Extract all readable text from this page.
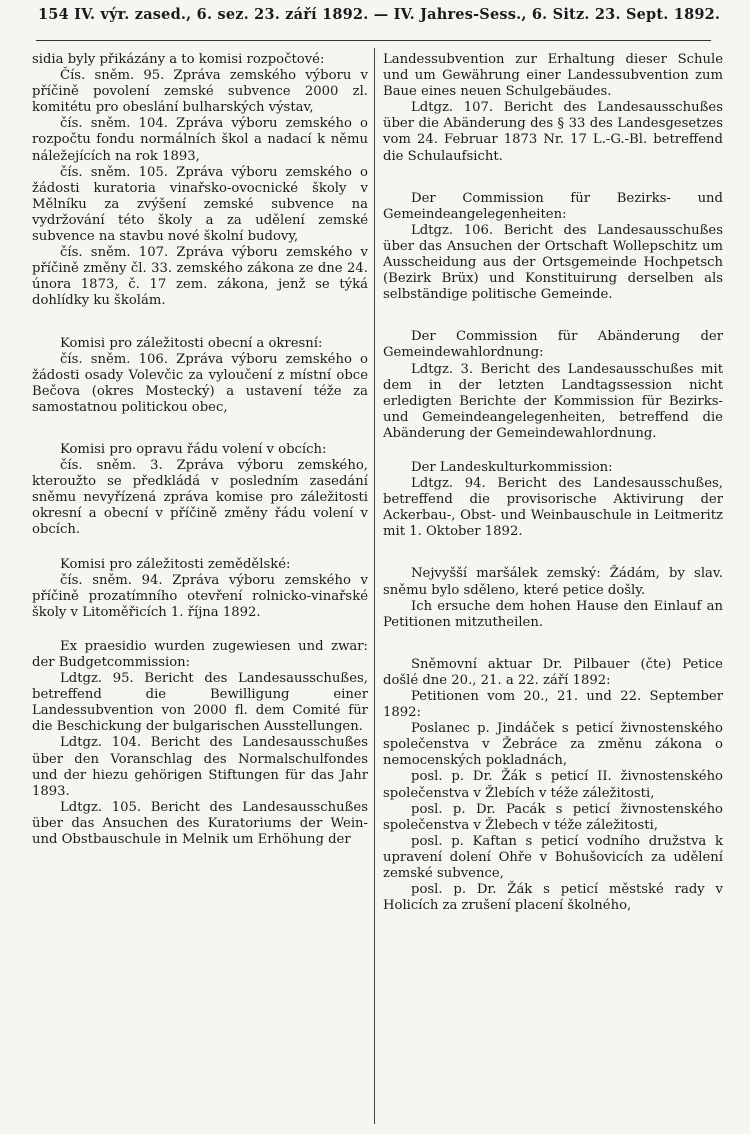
154 IV. výr. zased., 6. sez. 23. září 1892. — IV. Jahres-Sess., 6. Sitz. 23. Sept. 1892.

sidia byly přikázány a to komisi rozpočtové:

Čís. sněm. 95. Zpráva zemského výboru v příčině povolení zemské subvence 2000 zl. komitétu pro obeslání bulharských výstav,

čís. sněm. 104. Zpráva výboru zemského o rozpočtu fondu normálních škol a nadací k němu náležejících na rok 1893,

čís. sněm. 105. Zpráva výboru zemského o žádosti kuratoria vinařsko-ovocnické školy v Mělníku za zvýšení zemské subvence na vydržování této školy a za udělení zemské subvence na stavbu nové školní budovy,

čís. sněm. 107. Zpráva výboru zemského v příčině změny čl. 33. zemského zákona ze dne 24. února 1873, č. 17 zem. zákona, jenž se týká dohlídky ku školám.

Komisi pro záležitosti obecní a okresní:

čís. sněm. 106. Zpráva výboru zemského o žádosti osady Volevčic za vyloučení z místní obce Bečova (okres Mostecký) a ustavení téže za samostatnou politickou obec,

Komisi pro opravu řádu volení v obcích:

čís. sněm. 3. Zpráva výboru zemského, kteroužto se předkládá v posledním zasedání sněmu nevyřízená zpráva komise pro záležitosti okresní a obecní v příčině změny řádu volení v obcích.

Komisi pro záležitosti zemědělské:

čís. sněm. 94. Zpráva výboru zemského v příčině prozatímního otevření rolnicko-vinařské školy v Litoměřicích 1. října 1892.

Ex praesidio wurden zugewiesen und zwar: der Budgetcommission:

Ldtgz. 95. Bericht des Landesausschußes, betreffend die Bewilligung einer Landessubvention von 2000 fl. dem Comité für die Beschickung der bulgarischen Ausstellungen.

Ldtgz. 104. Bericht des Landesausschußes über den Voranschlag des Normalschulfondes und der hiezu gehörigen Stiftungen für das Jahr 1893.

Ldtgz. 105. Bericht des Landesausschußes über das Ansuchen des Kuratoriums der Wein- und Obstbauschule in Melnik um Erhöhung der

Landessubvention zur Erhaltung dieser Schule und um Gewährung einer Landessubvention zum Baue eines neuen Schulgebäudes.

Ldtgz. 107. Bericht des Landesausschußes über die Abänderung des § 33 des Landesgesetzes vom 24. Februar 1873 Nr. 17 L.-G.-Bl. betreffend die Schulaufsicht.

Der Commission für Bezirks- und Gemeindeangelegenheiten:

Ldtgz. 106. Bericht des Landesausschußes über das Ansuchen der Ortschaft Wollepschitz um Ausscheidung aus der Ortsgemeinde Hochpetsch (Bezirk Brüx) und Konstituirung derselben als selbständige politische Gemeinde.

Der Commission für Abänderung der Gemeindewahlordnung:

Ldtgz. 3. Bericht des Landesausschußes mit dem in der letzten Landtagssession nicht erledigten Berichte der Kommission für Bezirks- und Gemeindeangelegenheiten, betreffend die Abänderung der Gemeindewahlordnung.

Der Landeskulturkommission:

Ldtgz. 94. Bericht des Landesausschußes, betreffend die provisorische Aktivirung der Ackerbau-, Obst- und Weinbauschule in Leitmeritz mit 1. Oktober 1892.

Nejvyšší maršálek zemský: Žádám, by slav. sněmu bylo sděleno, které petice došly.

Ich ersuche dem hohen Hause den Einlauf an Petitionen mitzutheilen.

Sněmovní aktuar Dr. Pilbauer (čte) Petice došlé dne 20., 21. a 22. září 1892:

Petitionen vom 20., 21. und 22. September 1892:

Poslanec p. Jindáček s peticí živnostenského společenstva v Žebráce za změnu zákona o nemocenských pokladnách,

posl. p. Dr. Žák s peticí II. živnostenského společenstva v Žlebích v téže záležitosti,

posl. p. Dr. Pacák s peticí živnostenského společenstva v Žlebech v téže záležitosti,

posl. p. Kaftan s peticí vodního družstva k upravení dolení Ohře v Bohušovicích za udělení zemské subvence,

posl. p. Dr. Žák s peticí městské rady v Holicích za zrušení placení školného,
